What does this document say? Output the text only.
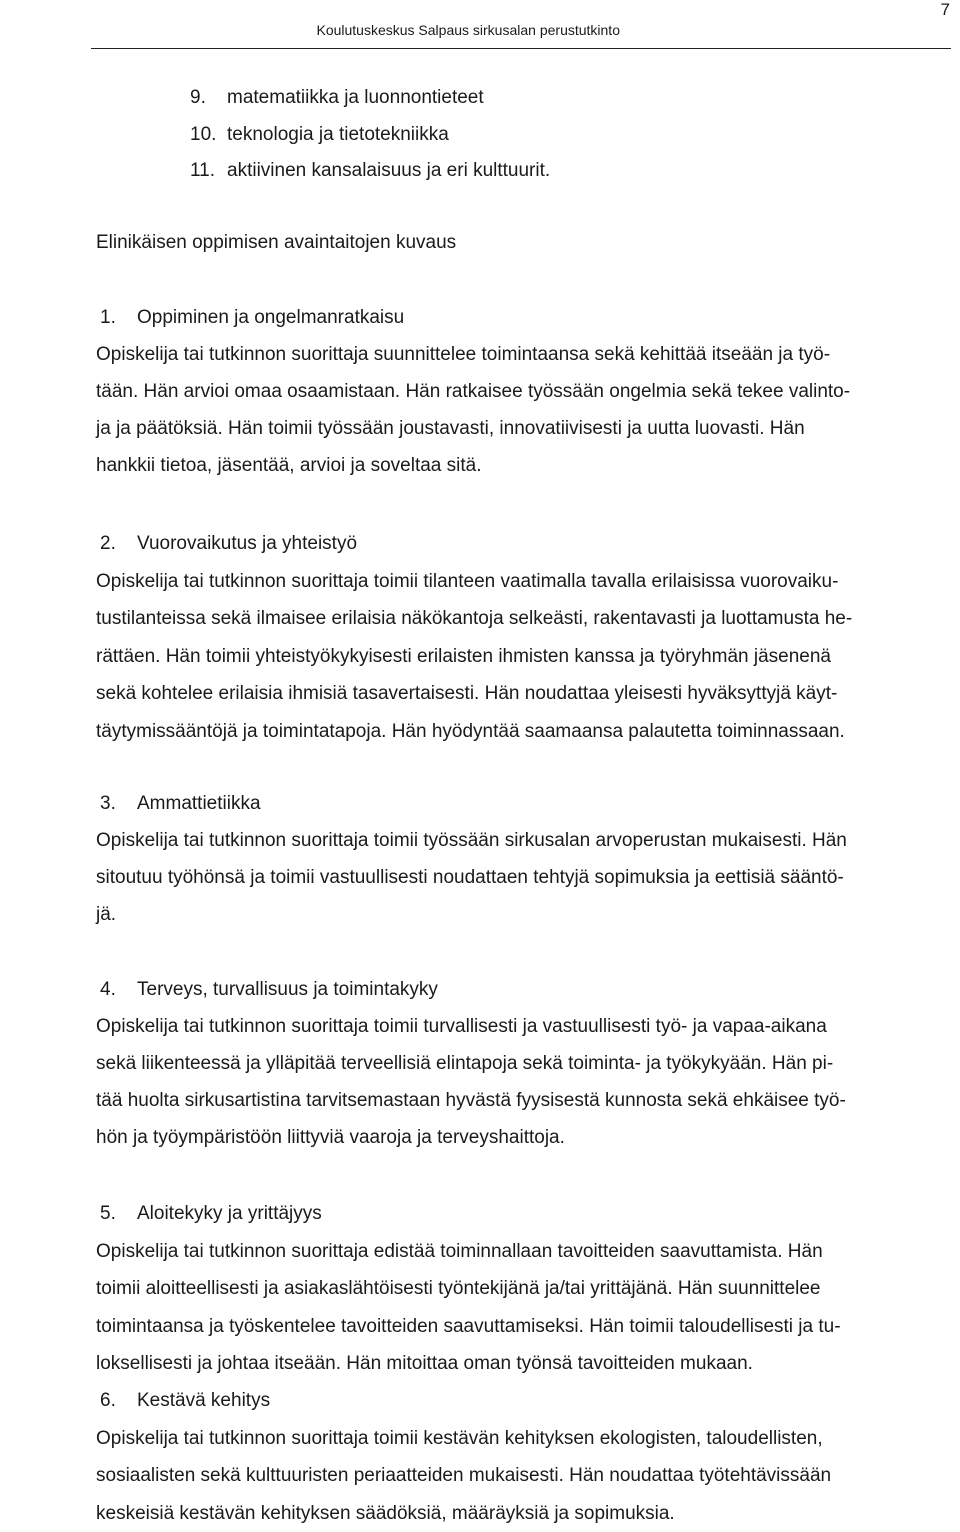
7
Koulutuskeskus Salpaus sirkusalan perustutkinto
9. matematiikka ja luonnontieteet
10. teknologia ja tietotekniikka
11. aktiivinen kansalaisuus ja eri kulttuurit.
Elinikäisen oppimisen avaintaitojen kuvaus
1. Oppiminen ja ongelmanratkaisu
Opiskelija tai tutkinnon suorittaja suunnittelee toimintaansa sekä kehittää itseään ja työ-
tään. Hän arvioi omaa osaamistaan. Hän ratkaisee työssään ongelmia sekä tekee valinto-
ja ja päätöksiä. Hän toimii työssään joustavasti, innovatiivisesti ja uutta luovasti. Hän
hankkii tietoa, jäsentää, arvioi ja soveltaa sitä.
2. Vuorovaikutus ja yhteistyö
Opiskelija tai tutkinnon suorittaja toimii tilanteen vaatimalla tavalla erilaisissa vuorovaiku-
tustilanteissa sekä ilmaisee erilaisia näkökantoja selkeästi, rakentavasti ja luottamusta he-
rättäen. Hän toimii yhteistyökykyisesti erilaisten ihmisten kanssa ja työryhmän jäsenenä
sekä kohtelee erilaisia ihmisiä tasavertaisesti. Hän noudattaa yleisesti hyväksyttyjä käyt-
täytymissääntöjä ja toimintatapoja. Hän hyödyntää saamaansa palautetta toiminnassaan.
3. Ammattietiikka
Opiskelija tai tutkinnon suorittaja toimii työssään sirkusalan arvoperustan mukaisesti. Hän
sitoutuu työhönsä ja toimii vastuullisesti noudattaen tehtyjä sopimuksia ja eettisiä sääntö-
jä.
4. Terveys, turvallisuus ja toimintakyky
Opiskelija tai tutkinnon suorittaja toimii turvallisesti ja vastuullisesti työ- ja vapaa-aikana
sekä liikenteessä ja ylläpitää terveellisiä elintapoja sekä toiminta- ja työkykyään. Hän pi-
tää huolta sirkusartistina tarvitsemastaan hyvästä fyysisestä kunnosta sekä ehkäisee työ-
hön ja työympäristöön liittyviä vaaroja ja terveyshaittoja.
5. Aloitekyky ja yrittäjyys
Opiskelija tai tutkinnon suorittaja edistää toiminnallaan tavoitteiden saavuttamista. Hän
toimii aloitteellisesti ja asiakaslähtöisesti työntekijänä ja/tai yrittäjänä. Hän suunnittelee
toimintaansa ja työskentelee tavoitteiden saavuttamiseksi. Hän toimii taloudellisesti ja tu-
loksellisesti ja johtaa itseään. Hän mitoittaa oman työnsä tavoitteiden mukaan.
6. Kestävä kehitys
Opiskelija tai tutkinnon suorittaja toimii kestävän kehityksen ekologisten, taloudellisten,
sosiaalisten sekä kulttuuristen periaatteiden mukaisesti. Hän noudattaa työtehtävissään
keskeisiä kestävän kehityksen säädöksiä, määräyksiä ja sopimuksia.
